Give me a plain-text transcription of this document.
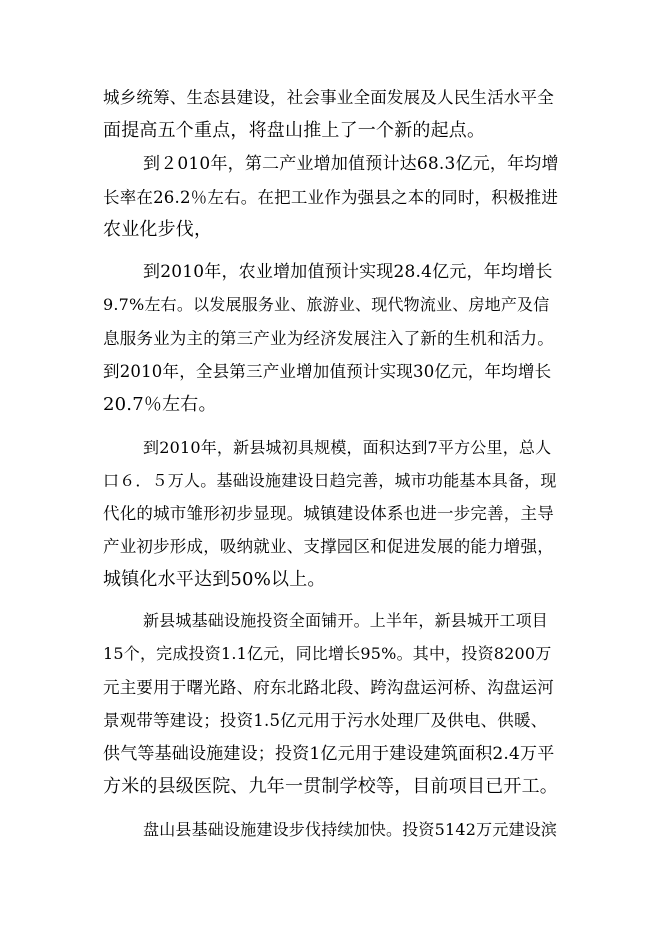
城乡统筹、生态县建设，社会事业全面发展及人民生活水平全
面提高五个重点，将盘山推上了一个新的起点。
到２010年，第二产业增加值预计达68.3亿元，年均增
长率在26.2％左右。在把工业作为强县之本的同时，积极推进
农业化步伐，
到2010年，农业增加值预计实现28.4亿元，年均增长
9.7%左右。以发展服务业、旅游业、现代物流业、房地产及信
息服务业为主的第三产业为经济发展注入了新的生机和活力。
到2010年，全县第三产业增加值预计实现30亿元，年均增长
20.7％左右。
到2010年，新县城初具规模，面积达到7平方公里，总人
口６．５万人。基础设施建设日趋完善，城市功能基本具备，现
代化的城市雏形初步显现。城镇建设体系也进一步完善，主导
产业初步形成，吸纳就业、支撑园区和促进发展的能力增强，
城镇化水平达到50%以上。
新县城基础设施投资全面铺开。上半年，新县城开工项目
15个，完成投资1.1亿元，同比增长95%。其中，投资8200万
元主要用于曙光路、府东北路北段、跨沟盘运河桥、沟盘运河
景观带等建设；投资1.5亿元用于污水处理厂及供电、供暖、
供气等基础设施建设；投资1亿元用于建设建筑面积2.4万平
方米的县级医院、九年一贯制学校等，目前项目已开工。
盘山县基础设施建设步伐持续加快。投资5142万元建设滨
